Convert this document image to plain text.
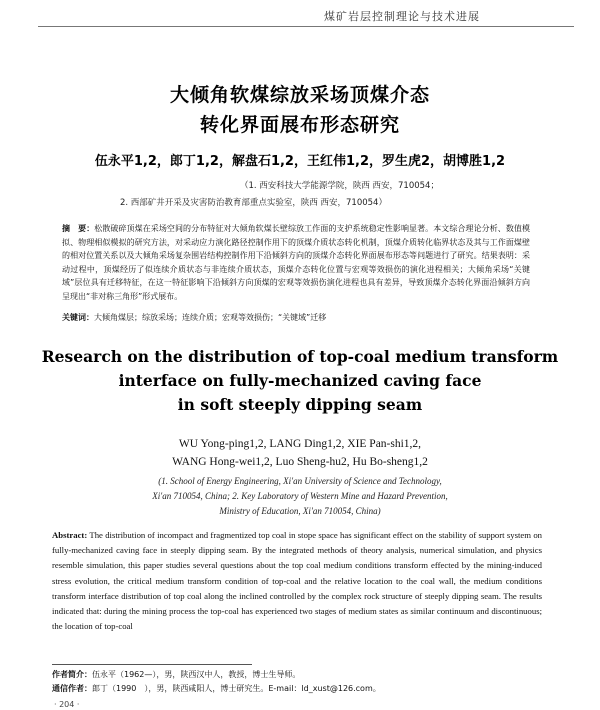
煤矿岩层控制理论与技术进展
大倾角软煤综放采场顶煤介态
转化界面展布形态研究
伍永平1,2，郎丁1,2，解盘石1,2，王红伟1,2，罗生虎2，胡博胜1,2
（1. 西安科技大学能源学院，陕西 西安，710054；
2. 西部矿井开采及灾害防治教育部重点实验室，陕西 西安，710054）
摘　要：松散破碎顶煤在采场空间的分布特征对大倾角软煤长壁综放工作面的支护系统稳定性影响显著。本文综合理论分析、数值模拟、物理相似模拟的研究方法，对采动应力演化路径控制作用下的顶煤介质状态转化机制，顶煤介质转化临界状态及其与工作面煤壁的相对位置关系以及大倾角采场复杂围岩结构控制作用下沿倾斜方向的顶煤介态转化界面展布形态等问题进行了研究。结果表明：采动过程中，顶煤经历了似连续介质状态与非连续介质状态，顶煤介态转化位置与宏观等效损伤的演化进程相关；大倾角采场“关键域”层位具有迁移特征，在这一特征影响下沿倾斜方向顶煤的宏观等效损伤演化进程也具有差异，导致顶煤介态转化界面沿倾斜方向呈现出“非对称三角形”形式展布。
关键词：大倾角煤层；综放采场；连续介质；宏观等效损伤；“关键域”迁移
Research on the distribution of top-coal medium transform
interface on fully-mechanized caving face
in soft steeply dipping seam
WU Yong-ping1,2, LANG Ding1,2, XIE Pan-shi1,2,
WANG Hong-wei1,2, Luo Sheng-hu2, Hu Bo-sheng1,2
(1. School of Energy Engineering, Xi'an University of Science and Technology,
Xi'an 710054, China; 2. Key Laboratory of Western Mine and Hazard Prevention,
Ministry of Education, Xi'an 710054, China)
Abstract: The distribution of incompact and fragmentized top coal in stope space has significant effect on the stability of support system on fully-mechanized caving face in steeply dipping seam. By the integrated methods of theory analysis, numerical simulation, and physics resemble simulation, this paper studies several questions about the top coal medium conditions transform effected by the mining-induced stress evolution, the critical medium transform condition of top-coal and the relative location to the coal wall, the medium conditions transform interface distribution of top coal along the inclined controlled by the complex rock structure of steeply dipping seam. The results indicated that: during the mining process the top-coal has experienced two stages of medium states as similar continuum and discontinuous; the location of top-coal
作者简介：伍永平（1962—），男，陕西汉中人，教授，博士生导师。
通信作者：郎丁（1990　），男，陕西咸阳人，博士研究生。E-mail：ld_xust@126.com。
· 204 ·
